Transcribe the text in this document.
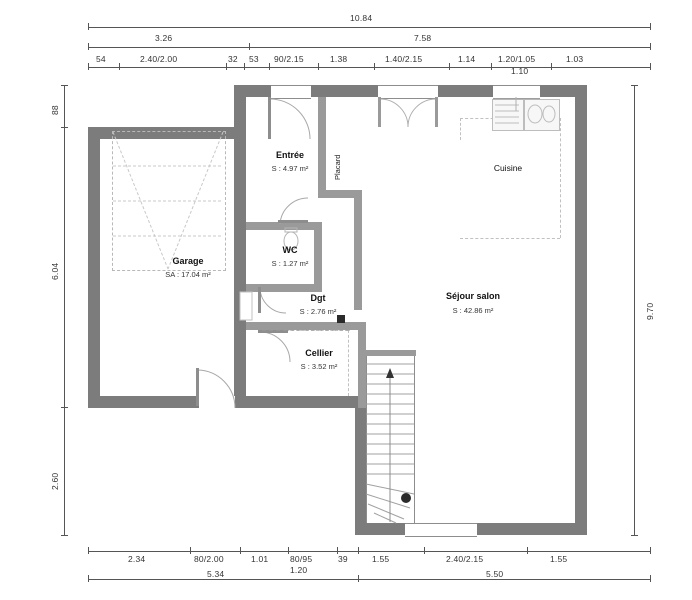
10.84
3.26	7.58
54	2.40/2.00	32 53 90/2.15	1.38	1.40/2.15	1.14	1.20/1.05	1.03
1.10
9.70
88
6.04
2.60
2.34	80/2.00	1.01	80/95	39	1.55	2.40/2.15	1.55
1.20
5.34	5.50
Garage
SA : 17.04 m²
Entrée
S : 4.97 m²
WC
S : 1.27 m²
Dgt
S : 2.76 m²
Cellier
S : 3.52 m²
Séjour salon
S : 42.86 m²
Cuisine
Placard
